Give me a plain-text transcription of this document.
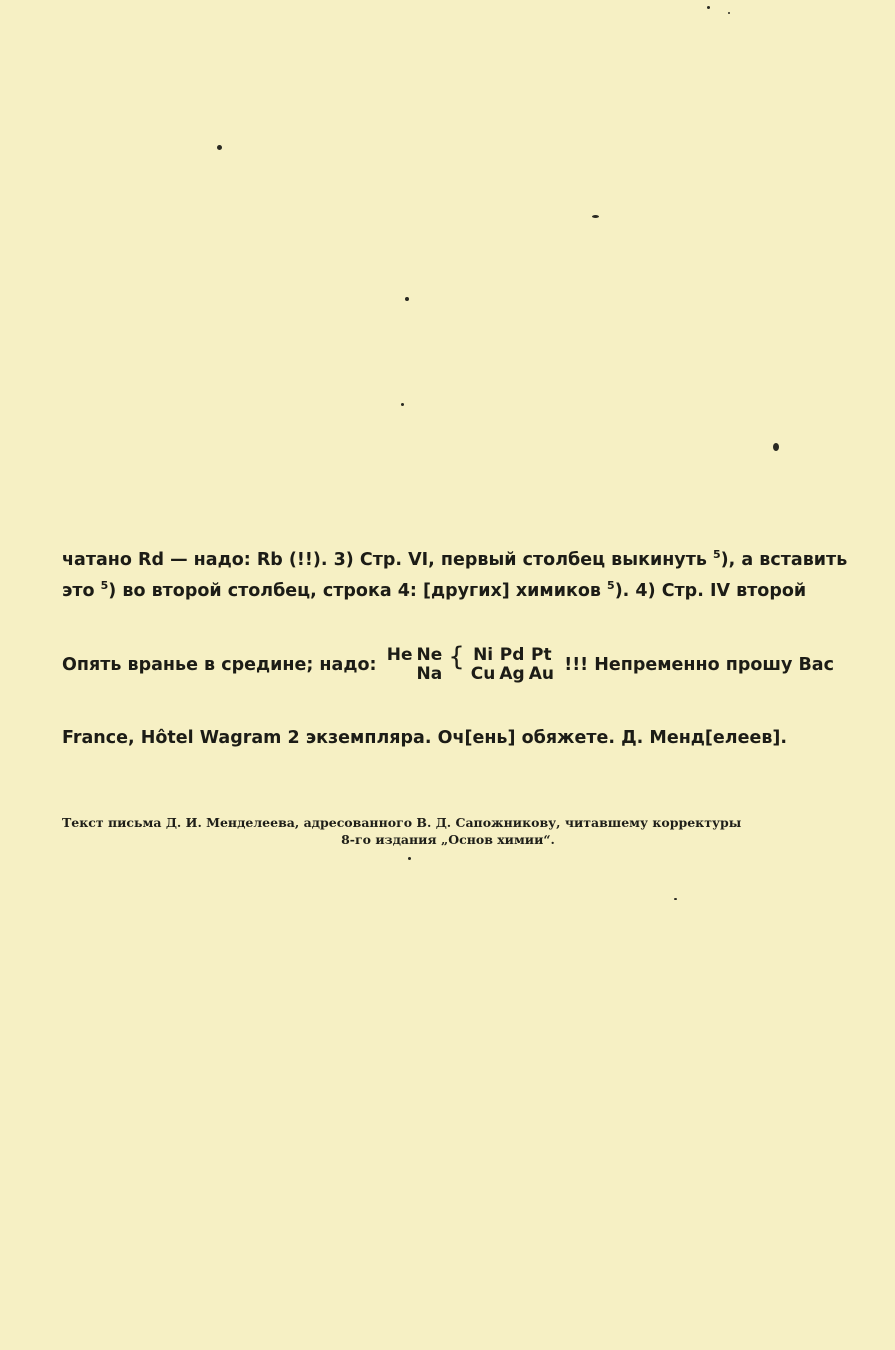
чатано Rd — надо: Rb (!!). 3) Стр. VI, первый столбец выкинуть $^5$), а вставить
это $^5$) во второй столбец, строка 4: [других] химиков $^5$). 4) Стр. IV второй
Опять вранье в средине; надо: He Ne
Na
{ Ni
Cu
Pd
Ag
Pt
Au !!! Непременно прошу Вас
France, Hôtel Wagram 2 экземпляра. Оч[ень] обяжете. Д. Менд[елеев].
Текст письма Д. И. Менделеева, адресованного В. Д. Сапожникову, читавшему корректуры
8-го издания „Основ химии“.
